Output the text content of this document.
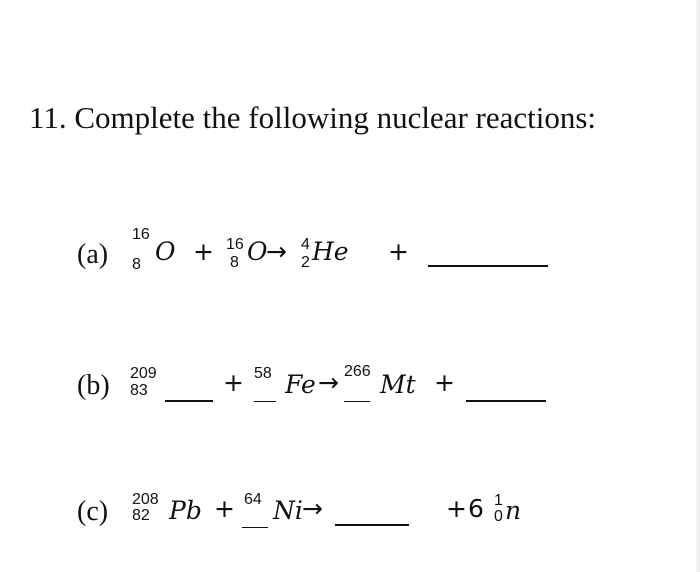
11. Complete the following nuclear reactions:
(a)
16
8 O + 16
8 O
→ 4
2 He +
(b) 209
83	+ 58 Fe → 266 Mt +
(c) 208
82 Pb + 64 Ni →	+ 6 1
0 n
